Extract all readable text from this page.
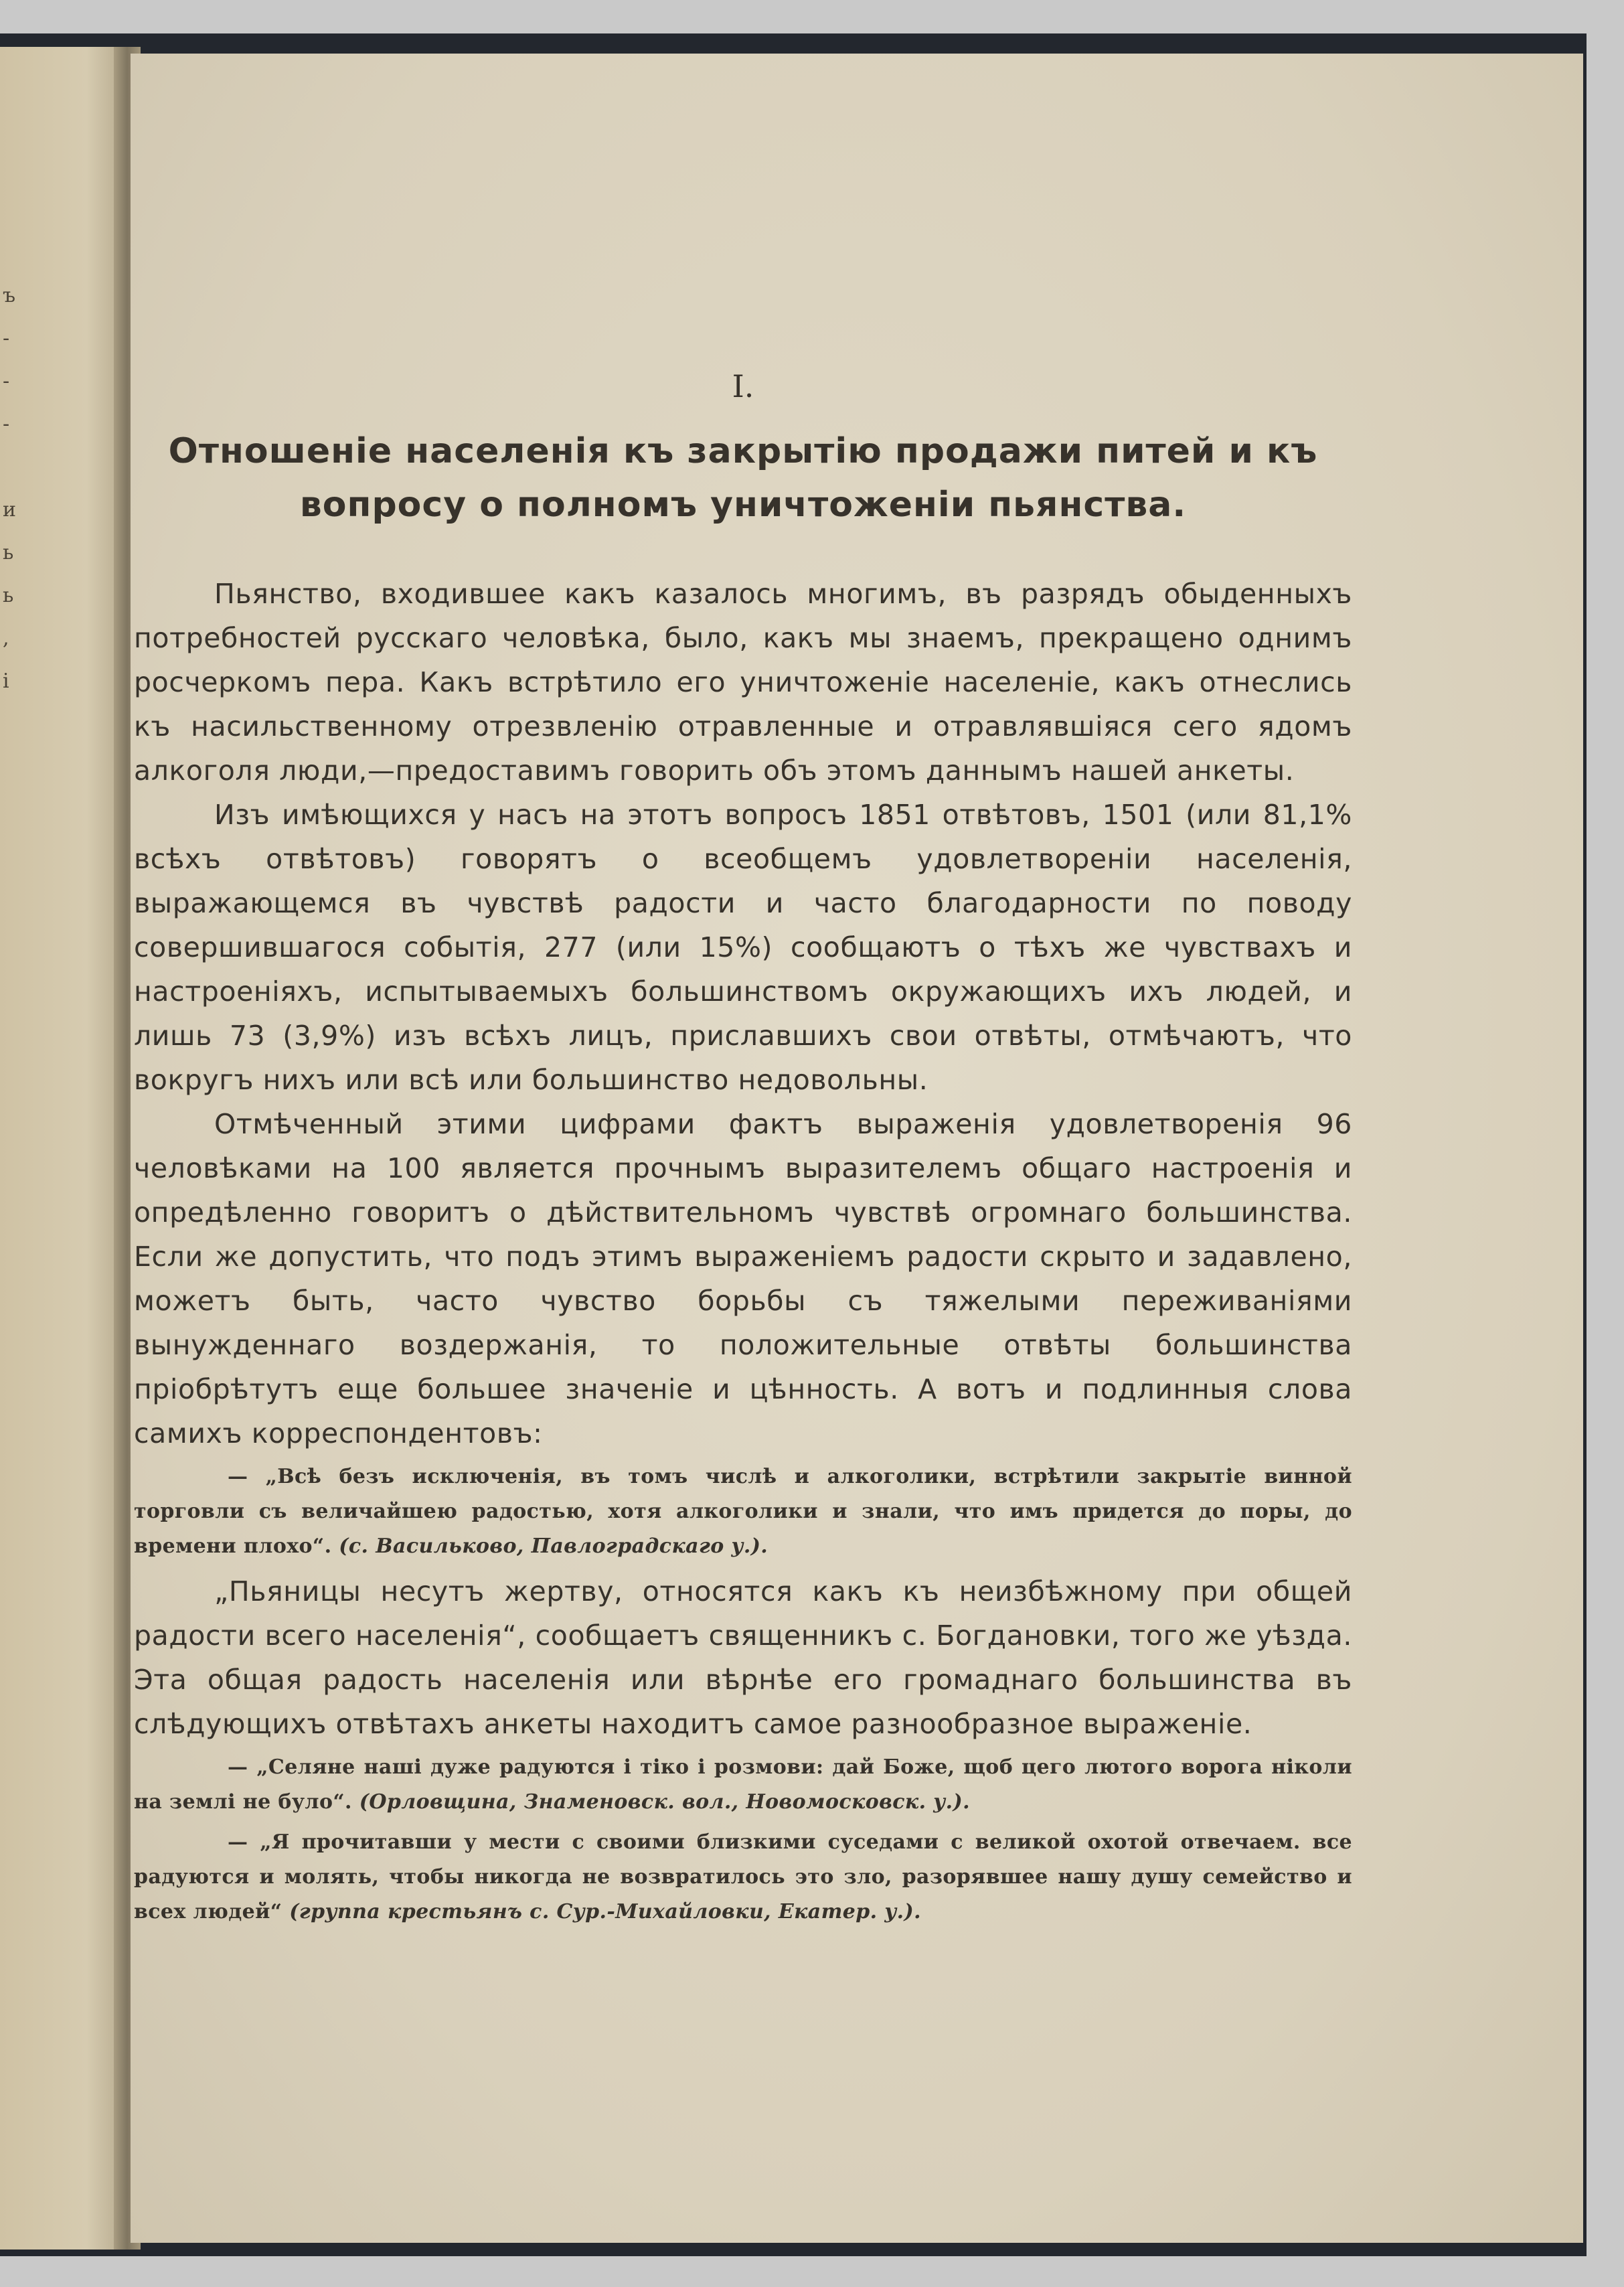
ъ
-
-
-
и
ь
ь
,
і
I.
Отношеніе населенія къ закрытію продажи питей и къ вопросу о полномъ уничтоженіи пьянства.

Пьянство, входившее какъ казалось многимъ, въ разрядъ обыденныхъ потребностей русскаго человѣка, было, какъ мы знаемъ, прекращено однимъ росчеркомъ пера. Какъ встрѣтило его уничтоженіе населеніе, какъ отнеслись къ насильственному отрезвленію отравленные и отравлявшіяся сего ядомъ алкоголя люди,—предоставимъ говорить объ этомъ даннымъ нашей анкеты.

Изъ имѣющихся у насъ на этотъ вопросъ 1851 отвѣтовъ, 1501 (или 81,1% всѣхъ отвѣтовъ) говорятъ о всеобщемъ удовлетвореніи населенія, выражающемся въ чувствѣ радости и часто благодарности по поводу совершившагося событія, 277 (или 15%) сообщаютъ о тѣхъ же чувствахъ и настроеніяхъ, испытываемыхъ большинствомъ окружающихъ ихъ людей, и лишь 73 (3,9%) изъ всѣхъ лицъ, приславшихъ свои отвѣты, отмѣчаютъ, что вокругъ нихъ или всѣ или большинство недовольны.

Отмѣченный этими цифрами фактъ выраженія удовлетворенія 96 человѣками на 100 является прочнымъ выразителемъ общаго настроенія и опредѣленно говоритъ о дѣйствительномъ чувствѣ огромнаго большинства. Если же допустить, что подъ этимъ выраженіемъ радости скрыто и задавлено, можетъ быть, часто чувство борьбы съ тяжелыми переживаніями вынужденнаго воздержанія, то положительные отвѣты большинства пріобрѣтутъ еще большее значеніе и цѣнность. А вотъ и подлинныя слова самихъ корреспондентовъ:

— „Всѣ безъ исключенія, въ томъ числѣ и алкоголики, встрѣтили закрытіе винной торговли съ величайшею радостью, хотя алкоголики и знали, что имъ придется до поры, до времени плохо“. (с. Васильково, Павлоградскаго у.).

„Пьяницы несутъ жертву, относятся какъ къ неизбѣжному при общей радости всего населенія“, сообщаетъ священникъ с. Богдановки, того же уѣзда. Эта общая радость населенія или вѣрнѣе его громаднаго большинства въ слѣдующихъ отвѣтахъ анкеты находитъ самое разнообразное выраженіе.

— „Селяне наші дуже радуются і тіко і розмови: дай Боже, щоб цего лютого ворога ніколи на землі не було“. (Орловщина, Знаменовск. вол., Новомосковск. у.).

— „Я прочитавши у мести с своими близкими суседами с великой охотой отвечаем. все радуются и молять, чтобы никогда не возвратилось это зло, разорявшее нашу душу семейство и всех людей“ (группа крестьянъ с. Сур.-Михайловки, Екатер. у.).
